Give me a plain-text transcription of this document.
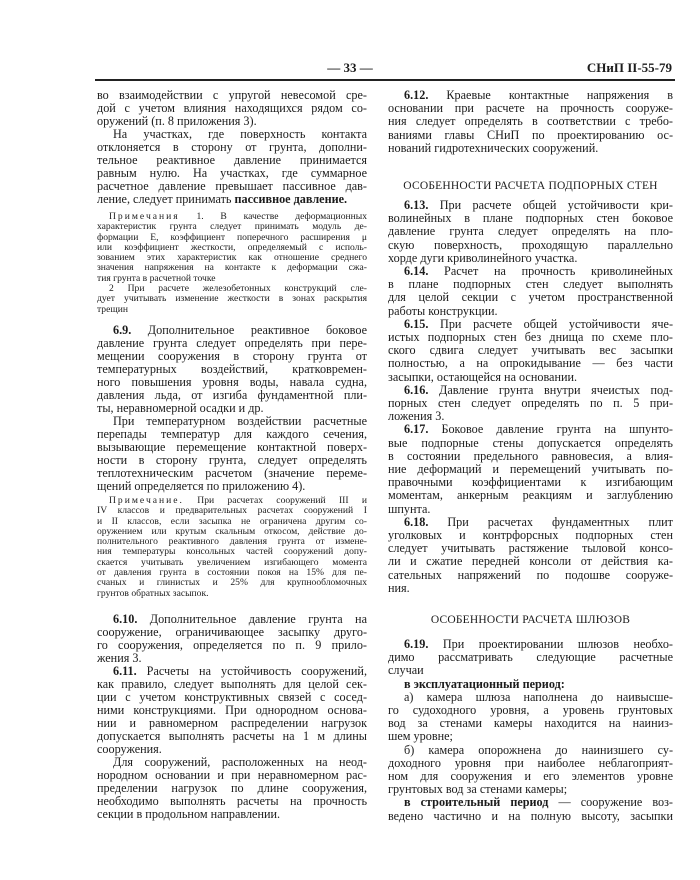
— 33 —	СНиП II-55-79
во взаимодействии с упругой невесомой сре-
дой с учетом влияния находящихся рядом со-
оружений (п. 8 приложения 3).
На участках, где поверхность контакта
отклоняется в сторону от грунта, дополни-
тельное реактивное давление принимается
равным нулю. На участках, где суммарное
расчетное давление превышает пассивное дав-
ление, следует принимать пассивное давление.
Примечания 1. В качестве деформационных
характеристик грунта следует принимать модуль де-
формации E, коэффициент поперечного расширения μ
или коэффициент жесткости, определяемый с исполь-
зованием этих характеристик как отношение среднего
значения напряжения на контакте к деформации сжа-
тия грунта в расчетной точке
2 При расчете железобетонных конструкций сле-
дует учитывать изменение жесткости в зонах раскрытия
трещин
6.9. Дополнительное реактивное боковое
давление грунта следует определять при пере-
мещении сооружения в сторону грунта от
температурных воздействий, кратковремен-
ного повышения уровня воды, навала судна,
давления льда, от изгиба фундаментной пли-
ты, неравномерной осадки и др.
При температурном воздействии расчетные
перепады температур для каждого сечения,
вызывающие перемещение контактной поверх-
ности в сторону грунта, следует определять
теплотехническим расчетом (значение переме-
щений определяется по приложению 4).
Примечание. При расчетах сооружений III и
IV классов и предварительных расчетах сооружений I
и II классов, если засыпка не ограничена другим со-
оружением или крутым скальным откосом, действие до-
полнительного реактивного давления грунта от измене-
ния температуры консольных частей сооружений допу-
скается учитывать увеличением изгибающего момента
от давления грунта в состоянии покоя на 15% для пе-
счаных и глинистых и 25% для крупнообломочных
грунтов обратных засыпок.
6.10. Дополнительное давление грунта на
сооружение, ограничивающее засыпку друго-
го сооружения, определяется по п. 9 прило-
жения 3.
6.11. Расчеты на устойчивость сооружений,
как правило, следует выполнять для целой сек-
ции с учетом конструктивных связей с сосед-
ними конструкциями. При однородном основа-
нии и равномерном распределении нагрузок
допускается выполнять расчеты на 1 м длины
сооружения.
Для сооружений, расположенных на неод-
нородном основании и при неравномерном рас-
пределении нагрузок по длине сооружения,
необходимо выполнять расчеты на прочность
секции в продольном направлении.
6.12. Краевые контактные напряжения в
основании при расчете на прочность сооруже-
ния следует определять в соответствии с требо-
ваниями главы СНиП по проектированию ос-
нований гидротехнических сооружений.
ОСОБЕННОСТИ РАСЧЕТА ПОДПОРНЫХ СТЕН
6.13. При расчете общей устойчивости кри-
волинейных в плане подпорных стен боковое
давление грунта следует определять на пло-
скую поверхность, проходящую параллельно
хорде дуги криволинейного участка.
6.14. Расчет на прочность криволинейных
в плане подпорных стен следует выполнять
для целой секции с учетом пространственной
работы конструкции.
6.15. При расчете общей устойчивости яче-
истых подпорных стен без днища по схеме пло-
ского сдвига следует учитывать вес засыпки
полностью, а на опрокидывание — без части
засыпки, остающейся на основании.
6.16. Давление грунта внутри ячеистых под-
порных стен следует определять по п. 5 при-
ложения 3.
6.17. Боковое давление грунта на шпунто-
вые подпорные стены допускается определять
в состоянии предельного равновесия, а влия-
ние деформаций и перемещений учитывать по-
правочными коэффициентами к изгибающим
моментам, анкерным реакциям и заглублению
шпунта.
6.18. При расчетах фундаментных плит
уголковых и контрфорсных подпорных стен
следует учитывать растяжение тыловой консо-
ли и сжатие передней консоли от действия ка-
сательных напряжений по подошве сооруже-
ния.
ОСОБЕННОСТИ РАСЧЕТА ШЛЮЗОВ
6.19. При проектировании шлюзов необхо-
димо рассматривать следующие расчетные
случаи
в эксплуатационный период:
а) камера шлюза наполнена до наивысше-
го судоходного уровня, а уровень грунтовых
вод за стенами камеры находится на наиниз-
шем уровне;
б) камера опорожнена до наинизшего су-
доходного уровня при наиболее неблагоприят-
ном для сооружения и его элементов уровне
грунтовых вод за стенами камеры;
в строительный период — сооружение воз-
ведено частично и на полную высоту, засыпки
